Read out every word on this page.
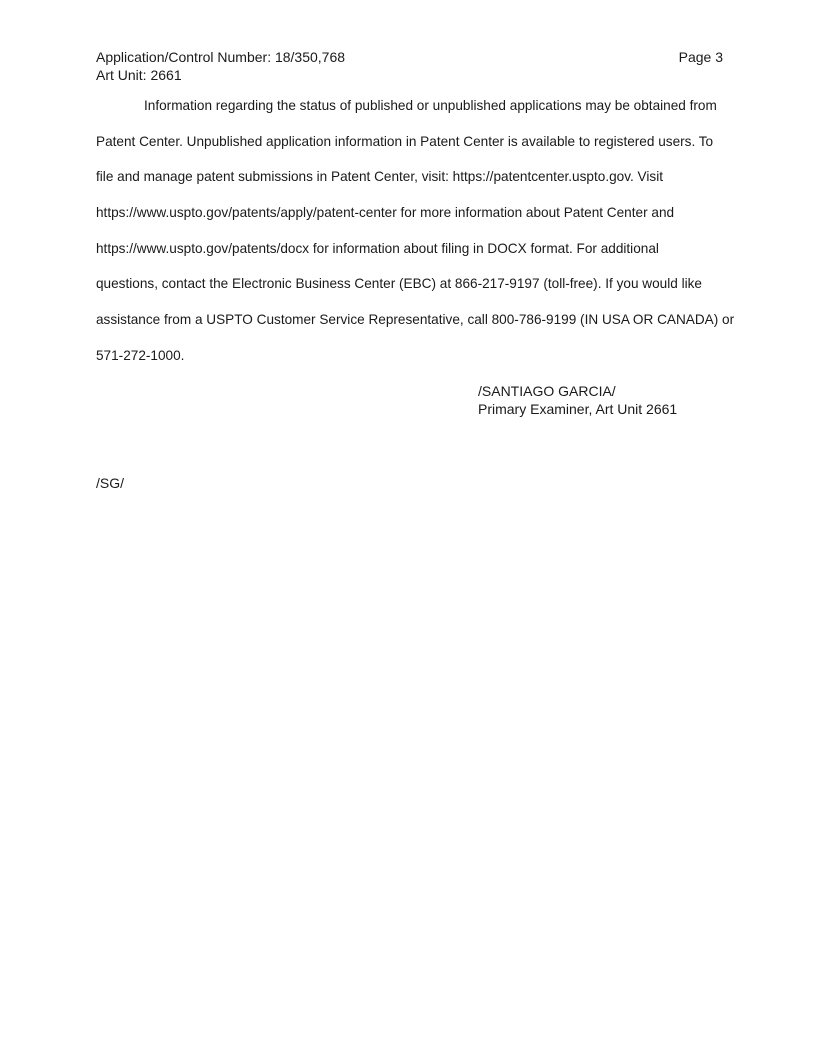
Application/Control Number: 18/350,768	Page 3
Art Unit: 2661
Information regarding the status of published or unpublished applications may be obtained from
Patent Center. Unpublished application information in Patent Center is available to registered users. To
file and manage patent submissions in Patent Center, visit: https://patentcenter.uspto.gov. Visit
https://www.uspto.gov/patents/apply/patent-center for more information about Patent Center and
https://www.uspto.gov/patents/docx for information about filing in DOCX format. For additional
questions, contact the Electronic Business Center (EBC) at 866-217-9197 (toll-free). If you would like
assistance from a USPTO Customer Service Representative, call 800-786-9199 (IN USA OR CANADA) or
571-272-1000.
/SANTIAGO GARCIA/
Primary Examiner, Art Unit 2661
/SG/
